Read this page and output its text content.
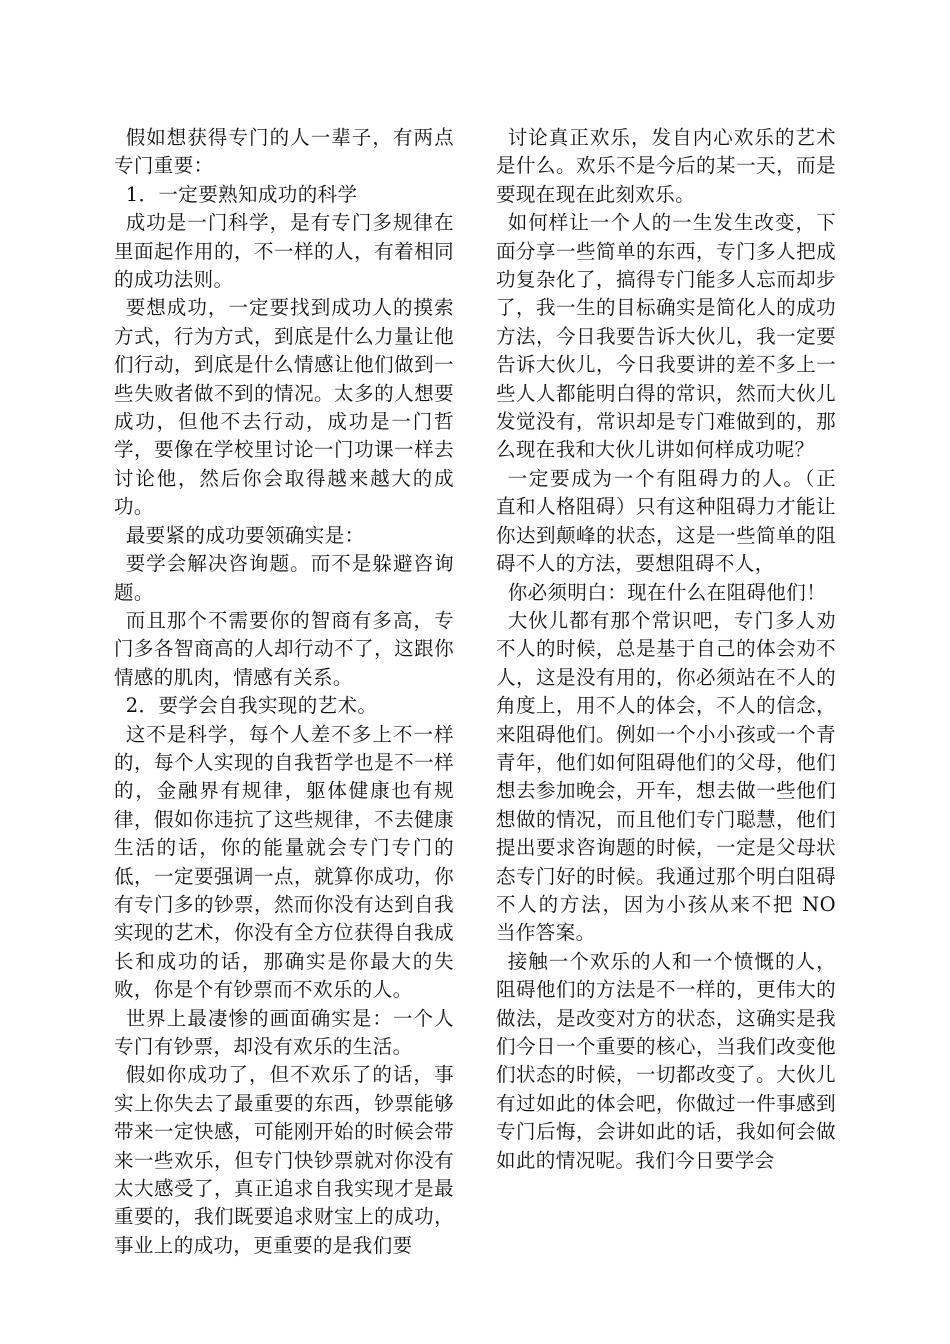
假如想获得专门的人一辈子，有两点专门重要：

1．一定要熟知成功的科学

成功是一门科学，是有专门多规律在里面起作用的，不一样的人，有着相同的成功法则。

要想成功，一定要找到成功人的摸索方式，行为方式，到底是什么力量让他们行动，到底是什么情感让他们做到一些失败者做不到的情况。太多的人想要成功，但他不去行动，成功是一门哲学，要像在学校里讨论一门功课一样去讨论他，然后你会取得越来越大的成功。

最要紧的成功要领确实是：

要学会解决咨询题。而不是躲避咨询题。

而且那个不需要你的智商有多高，专门多各智商高的人却行动不了，这跟你情感的肌肉，情感有关系。

2．要学会自我实现的艺术。

这不是科学，每个人差不多上不一样的，每个人实现的自我哲学也是不一样的，金融界有规律，躯体健康也有规律，假如你违抗了这些规律，不去健康生活的话，你的能量就会专门专门的低，一定要强调一点，就算你成功，你有专门多的钞票，然而你没有达到自我实现的艺术，你没有全方位获得自我成长和成功的话，那确实是你最大的失败，你是个有钞票而不欢乐的人。

世界上最凄惨的画面确实是：一个人专门有钞票，却没有欢乐的生活。

假如你成功了，但不欢乐了的话，事实上你失去了最重要的东西，钞票能够带来一定快感，可能刚开始的时候会带来一些欢乐，但专门快钞票就对你没有太大感受了，真正追求自我实现才是最重要的，我们既要追求财宝上的成功，事业上的成功，更重要的是我们要

讨论真正欢乐，发自内心欢乐的艺术是什么。欢乐不是今后的某一天，而是要现在现在此刻欢乐。

如何样让一个人的一生发生改变，下面分享一些简单的东西，专门多人把成功复杂化了，搞得专门能多人忘而却步了，我一生的目标确实是简化人的成功方法，今日我要告诉大伙儿，我一定要告诉大伙儿，今日我要讲的差不多上一些人人都能明白得的常识，然而大伙儿发觉没有，常识却是专门难做到的，那么现在我和大伙儿讲如何样成功呢？

一定要成为一个有阻碍力的人。（正直和人格阻碍）只有这种阻碍力才能让你达到颠峰的状态，这是一些简单的阻碍不人的方法，要想阻碍不人，

你必须明白：现在什么在阻碍他们！

大伙儿都有那个常识吧，专门多人劝不人的时候，总是基于自己的体会劝不人，这是没有用的，你必须站在不人的角度上，用不人的体会，不人的信念，来阻碍他们。例如一个小小孩或一个青青年，他们如何阻碍他们的父母，他们想去参加晚会，开车，想去做一些他们想做的情况，而且他们专门聪慧，他们提出要求咨询题的时候，一定是父母状态专门好的时候。我通过那个明白阻碍不人的方法，因为小孩从来不把 NO 当作答案。

接触一个欢乐的人和一个愤慨的人，阻碍他们的方法是不一样的，更伟大的做法，是改变对方的状态，这确实是我们今日一个重要的核心，当我们改变他们状态的时候，一切都改变了。大伙儿有过如此的体会吧，你做过一件事感到专门后悔，会讲如此的话，我如何会做如此的情况呢。我们今日要学会
